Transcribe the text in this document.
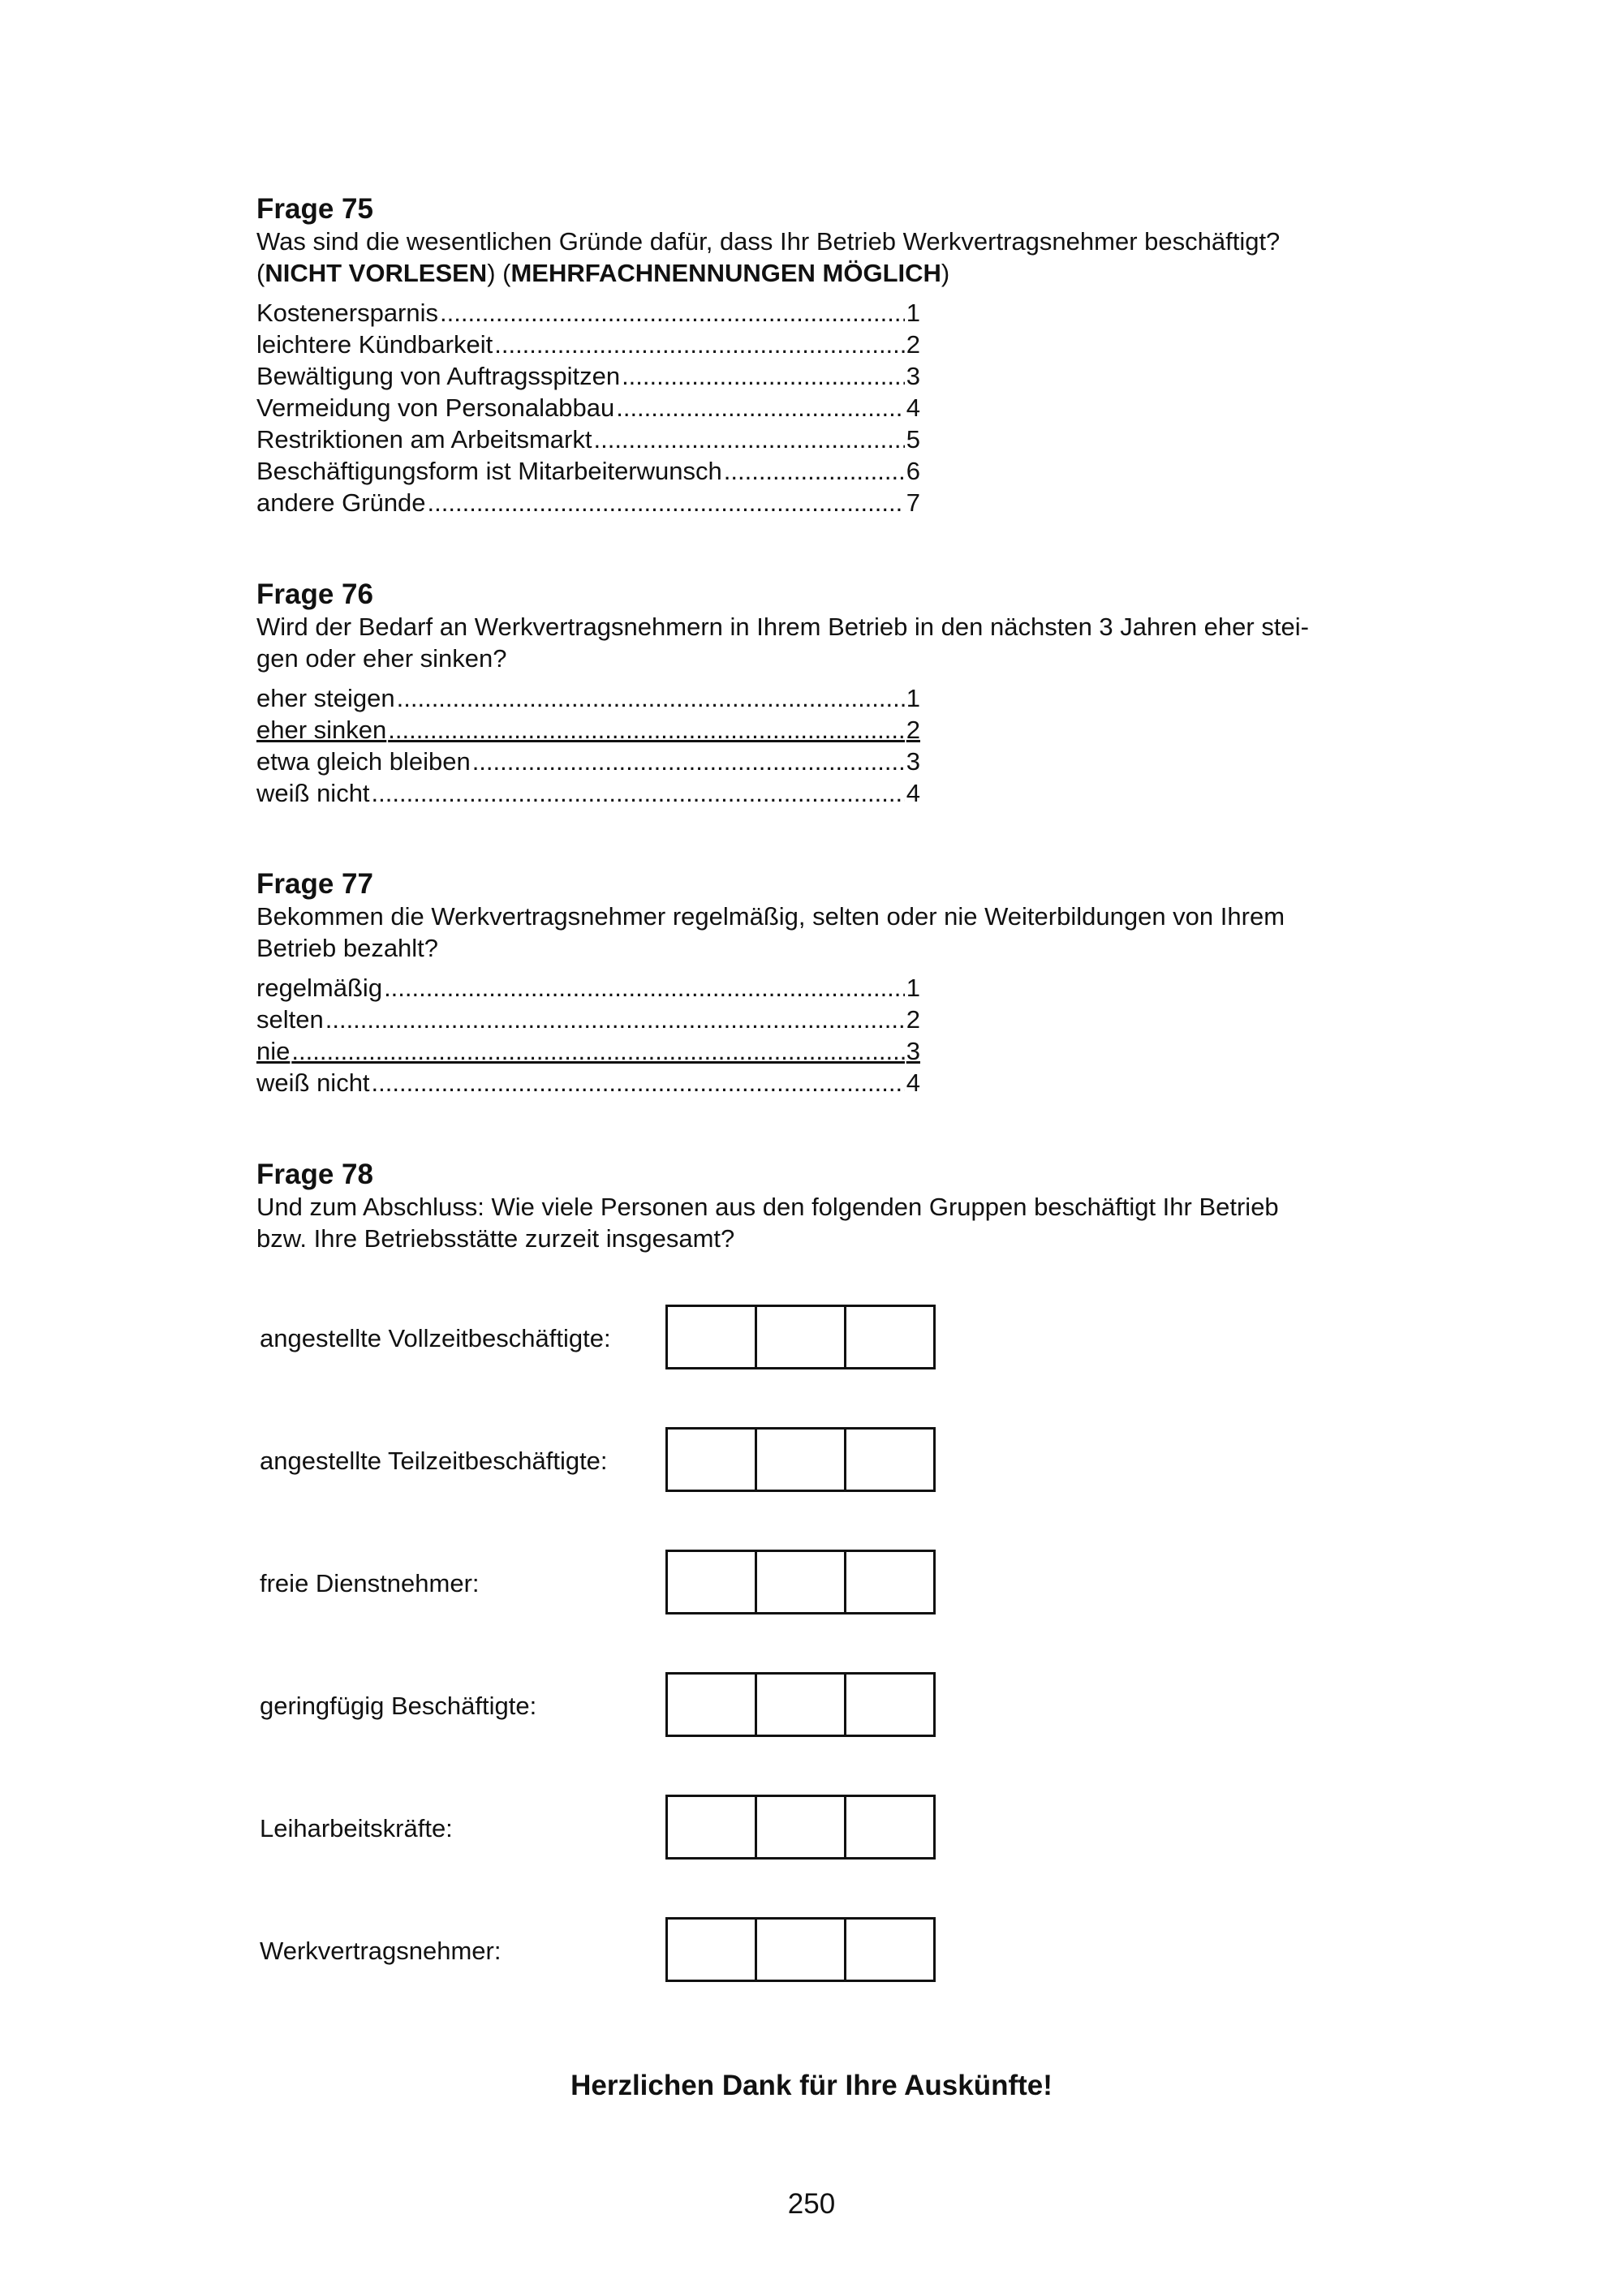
Frage 75

Was sind die wesentlichen Gründe dafür, dass Ihr Betrieb Werkvertragsnehmer beschäftigt?

(NICHT VORLESEN) (MEHRFACHNENNUNGEN MÖGLICH)

Kostenersparnis .....	1
leichtere Kündbarkeit .....	2
Bewältigung von Auftragsspitzen .....	3
Vermeidung von Personalabbau .....	4
Restriktionen am Arbeitsmarkt .....	5
Beschäftigungsform ist Mitarbeiterwunsch .....	6
andere Gründe .....	7

Frage 76

Wird der Bedarf an Werkvertragsnehmern in Ihrem Betrieb in den nächsten 3 Jahren eher stei-

gen oder eher sinken?

eher steigen .....	1
eher sinken .....	2
etwa gleich bleiben .....	3
weiß nicht .....	4

Frage 77

Bekommen die Werkvertragsnehmer regelmäßig, selten oder nie Weiterbildungen von Ihrem

Betrieb bezahlt?

regelmäßig .....	1
selten .....	2
nie .....	3
weiß nicht .....	4

Frage 78

Und zum Abschluss: Wie viele Personen aus den folgenden Gruppen beschäftigt Ihr Betrieb

bzw. Ihre Betriebsstätte zurzeit insgesamt?

angestellte Vollzeitbeschäftigte:
angestellte Teilzeitbeschäftigte:
freie Dienstnehmer:
geringfügig Beschäftigte:
Leiharbeitskräfte:
Werkvertragsnehmer:
Herzlichen Dank für Ihre Auskünfte!
250
